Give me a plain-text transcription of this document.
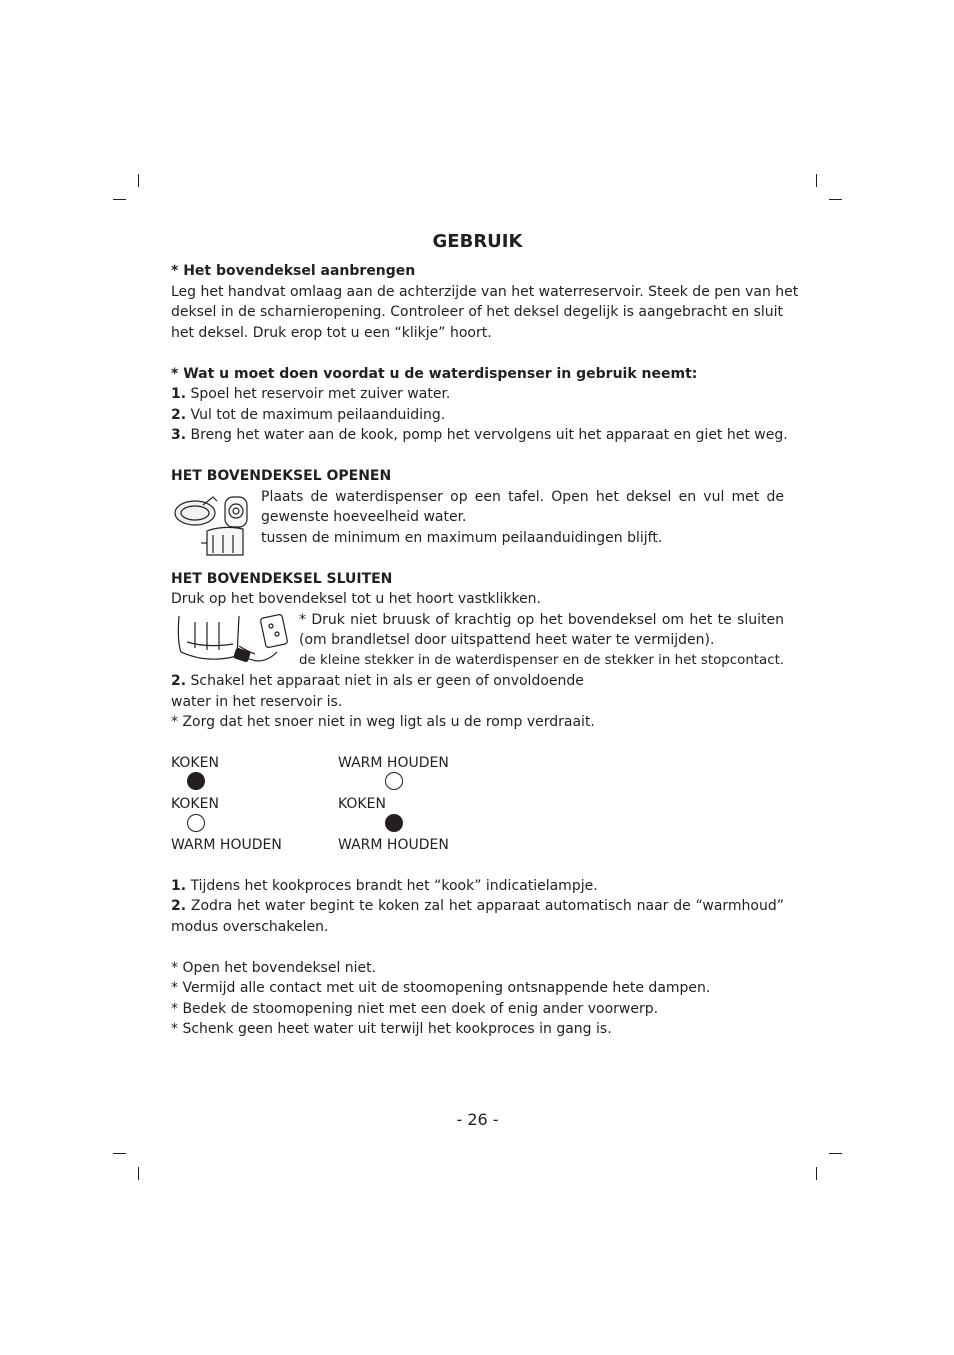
GEBRUIK
* Het bovendeksel aanbrengen
Leg het handvat omlaag aan de achterzijde van het waterreservoir. Steek de pen van het
deksel in de scharnieropening. Controleer of het deksel degelijk is aangebracht en sluit
het deksel. Druk erop tot u een “klikje” hoort.
* Wat u moet doen voordat u de waterdispenser in gebruik neemt:
1. Spoel het reservoir met zuiver water.
2. Vul tot de maximum peilaanduiding.
3. Breng het water aan de kook, pomp het vervolgens uit het apparaat en giet het weg.
HET BOVENDEKSEL OPENEN
Plaats de waterdispenser op een tafel. Open het deksel en vul met de
gewenste hoeveelheid water.
tussen de minimum en maximum peilaanduidingen blijft.
HET BOVENDEKSEL SLUITEN
Druk op het bovendeksel tot u het hoort vastklikken.
* Druk niet bruusk of krachtig op het bovendeksel om het te sluiten
(om brandletsel door uitspattend heet water te vermijden).
de kleine stekker in de waterdispenser en de stekker in het stopcontact.
2. Schakel het apparaat niet in als er geen of onvoldoende
water in het reservoir is.
* Zorg dat het snoer niet in weg ligt als u de romp verdraait.
KOKEN	WARM HOUDEN
KOKEN	KOKEN
WARM HOUDEN	WARM HOUDEN
1. Tijdens het kookproces brandt het “kook” indicatielampje.
2. Zodra het water begint te koken zal het apparaat automatisch naar de “warmhoud”
modus overschakelen.
* Open het bovendeksel niet.
* Vermijd alle contact met uit de stoomopening ontsnappende hete dampen.
* Bedek de stoomopening niet met een doek of enig ander voorwerp.
* Schenk geen heet water uit terwijl het kookproces in gang is.
- 26 -
